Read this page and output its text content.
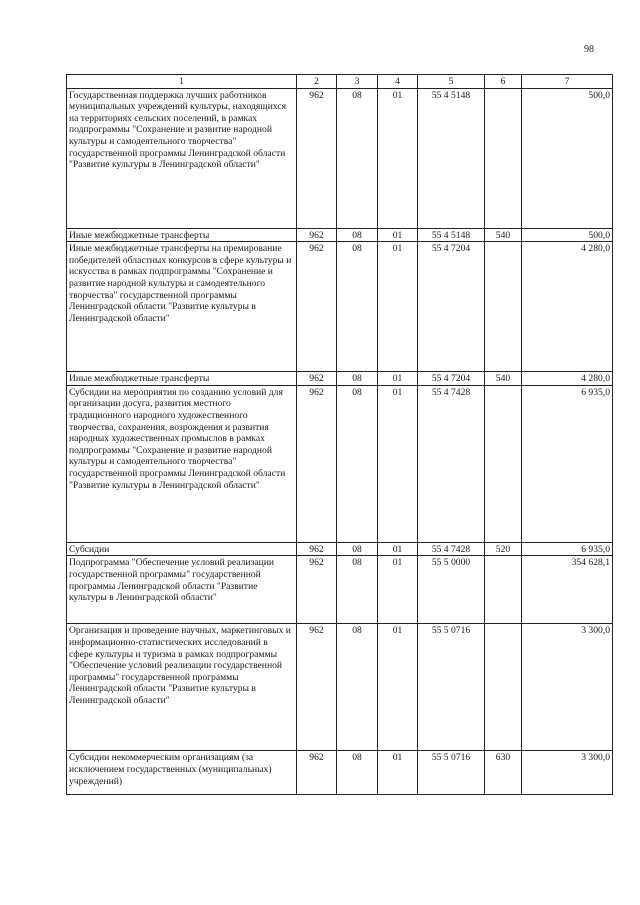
98
1	2	3	4	5	6	7
Государственная поддержка лучших работников муниципальных учреждений культуры, находящихся на территориях сельских поселений, в рамках подпрограммы "Сохранение и развитие народной культуры и самодеятельного творчества" государственной программы Ленинградской области "Развитие культуры в Ленинградской области"	962	08	01	55 4 5148		500,0
Иные межбюджетные трансферты	962	08	01	55 4 5148	540	500,0
Иные межбюджетные трансферты на премирование победителей областных конкурсов в сфере культуры и искусства в рамках подпрограммы "Сохранение и развитие народной культуры и самодеятельного творчества" государственной программы Ленинградской области "Развитие культуры в Ленинградской области"	962	08	01	55 4 7204		4 280,0
Иные межбюджетные трансферты	962	08	01	55 4 7204	540	4 280,0
Субсидии на мероприятия по созданию условий для организации досуга, развития местного традиционного народного художественного творчества, сохранения, возрождения и развития народных художественных промыслов в рамках подпрограммы "Сохранение и развитие народной культуры и самодеятельного творчества" государственной программы Ленинградской области "Развитие культуры в Ленинградской области"	962	08	01	55 4 7428		6 935,0
Субсидии	962	08	01	55 4 7428	520	6 935,0
Подпрограмма "Обеспечение условий реализации государственной программы" государственной программы Ленинградской области "Развитие культуры в Ленинградской области"	962	08	01	55 5 0000		354 628,1
Организация и проведение научных, маркетинговых и информационно-статистических исследований в сфере культуры и туризма в рамках подпрограммы "Обеспечение условий реализации государственной программы" государственной программы Ленинградской области "Развитие культуры в Ленинградской области"	962	08	01	55 5 0716		3 300,0
Субсидии некоммерческим организациям (за исключением государственных (муниципальных) учреждений)	962	08	01	55 5 0716	630	3 300,0
